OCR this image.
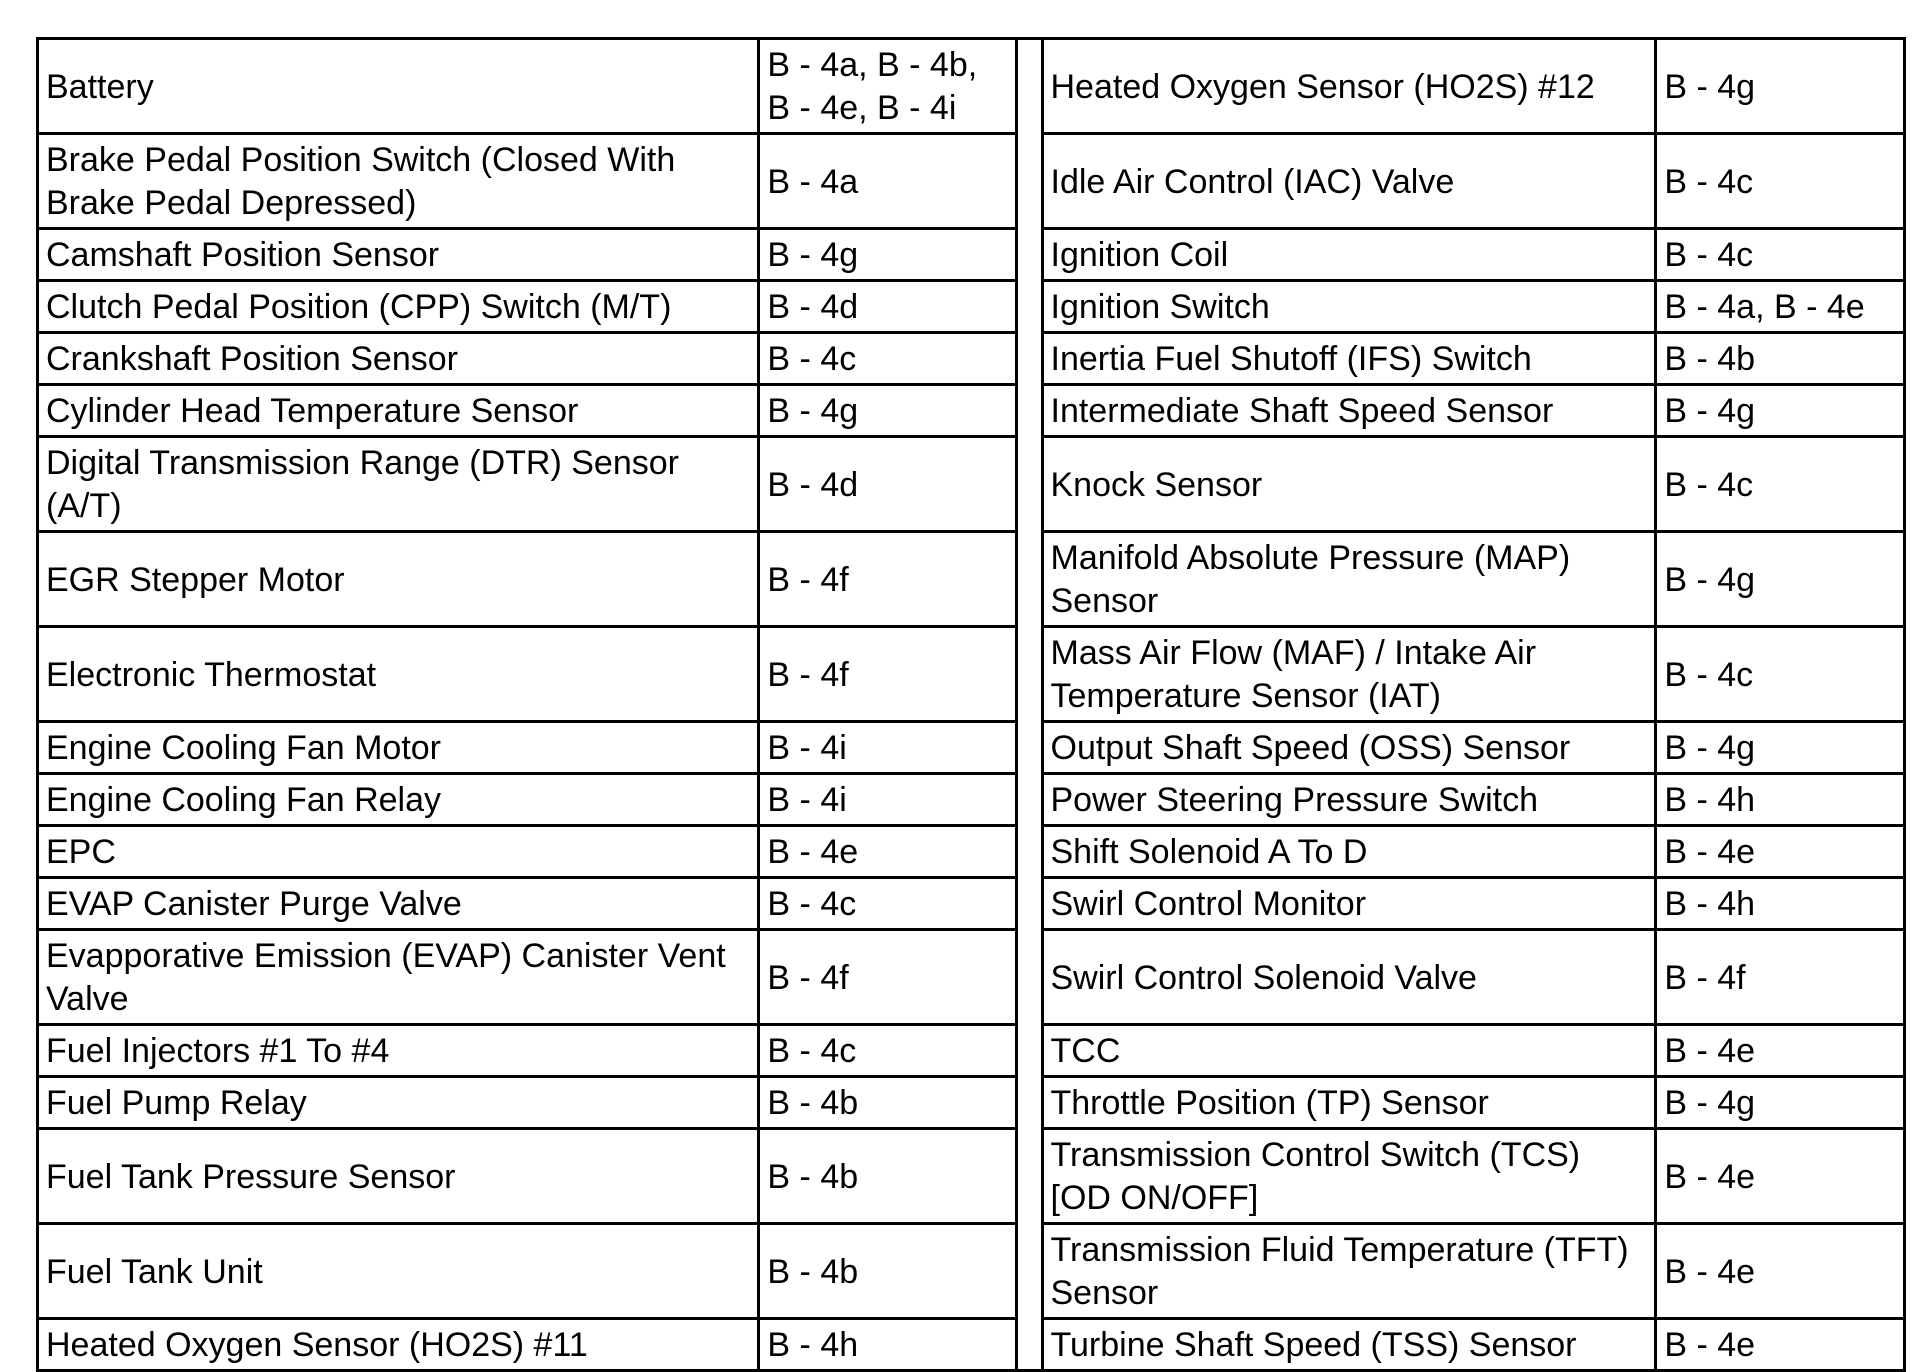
Battery	B - 4a, B - 4b, B - 4e, B - 4i		Heated Oxygen Sensor (HO2S) #12	B - 4g
Brake Pedal Position Switch (Closed With Brake Pedal Depressed)	B - 4a		Idle Air Control (IAC) Valve	B - 4c
Camshaft Position Sensor	B - 4g		Ignition Coil	B - 4c
Clutch Pedal Position (CPP) Switch (M/T)	B - 4d		Ignition Switch	B - 4a, B - 4e
Crankshaft Position Sensor	B - 4c		Inertia Fuel Shutoff (IFS) Switch	B - 4b
Cylinder Head Temperature Sensor	B - 4g		Intermediate Shaft Speed Sensor	B - 4g
Digital Transmission Range (DTR) Sensor (A/T)	B - 4d		Knock Sensor	B - 4c
EGR Stepper Motor	B - 4f		Manifold Absolute Pressure (MAP) Sensor	B - 4g
Electronic Thermostat	B - 4f		Mass Air Flow (MAF) / Intake Air Temperature Sensor (IAT)	B - 4c
Engine Cooling Fan Motor	B - 4i		Output Shaft Speed (OSS) Sensor	B - 4g
Engine Cooling Fan Relay	B - 4i		Power Steering Pressure Switch	B - 4h
EPC	B - 4e		Shift Solenoid A To D	B - 4e
EVAP Canister Purge Valve	B - 4c		Swirl Control Monitor	B - 4h
Evapporative Emission (EVAP) Canister Vent Valve	B - 4f		Swirl Control Solenoid Valve	B - 4f
Fuel Injectors #1 To #4	B - 4c		TCC	B - 4e
Fuel Pump Relay	B - 4b		Throttle Position (TP) Sensor	B - 4g
Fuel Tank Pressure Sensor	B - 4b		Transmission Control Switch (TCS) [OD ON/OFF]	B - 4e
Fuel Tank Unit	B - 4b		Transmission Fluid Temperature (TFT) Sensor	B - 4e
Heated Oxygen Sensor (HO2S) #11	B - 4h		Turbine Shaft Speed (TSS) Sensor	B - 4e
